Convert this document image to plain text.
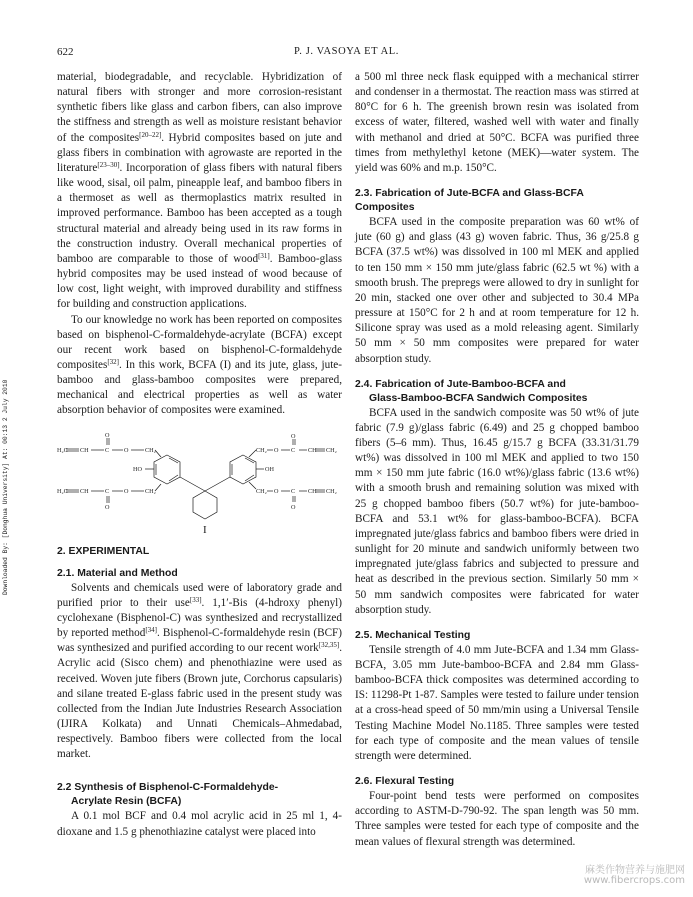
622	P. J. VASOYA ET AL.
Downloaded By: [Donghua University] At: 00:13 2 July 2010

material, biodegradable, and recyclable. Hybridization of natural fibers with stronger and more corrosion-resistant synthetic fibers like glass and carbon fibers, can also improve the stiffness and strength as well as moisture resistant behavior of the composites[20–22]. Hybrid composites based on jute and glass fibers in combination with agrowaste are reported in the literature[23–30]. Incorporation of glass fibers with natural fibers like wood, sisal, oil palm, pineapple leaf, and bamboo fibers in a thermoset as well as thermoplastics matrix resulted in improved performance. Bamboo has been accepted as a tough structural material and already being used in its raw forms in the construction industry. Overall mechanical properties of bamboo are comparable to those of wood[31]. Bamboo-glass hybrid composites may be used instead of wood because of low cost, light weight, with improved durability and stiffness for building and construction applications.

To our knowledge no work has been reported on composites based on bisphenol-C-formaldehyde-acrylate (BCFA) except our recent work based on bisphenol-C-formaldehyde composites[32]. In this work, BCFA (I) and its jute, glass, jute-bamboo and glass-bamboo composites were prepared, mechanical and electrical properties as well as water absorption behavior of composites were examined.

H₂C CH	C
O
O	CH₂
HO
H₂C CH	C
O
O	CH₂
CH₂ O C
O
CH CH₂
OH
CH₂ O C
O
CH CH₂
I
2. EXPERIMENTAL
2.1. Material and Method

Solvents and chemicals used were of laboratory grade and purified prior to their use[33]. 1,1′-Bis (4-hdroxy phenyl) cyclohexane (Bisphenol-C) was synthesized and recrystallized by reported method[34]. Bisphenol-C-formaldehyde resin (BCF) was synthesized and purified according to our recent work[32,35]. Acrylic acid (Sisco chem) and phenothiazine were used as received. Woven jute fibers (Brown jute, Corchorus capsularis) and silane treated E-glass fabric used in the present study was collected from the Indian Jute Industries Research Association (IJIRA Kolkata) and Unnati Chemicals–Ahmedabad, respectively. Bamboo fibers were collected from the local market.

2.2 Synthesis of Bisphenol-C-Formaldehyde-
Acrylate Resin (BCFA)

A 0.1 mol BCF and 0.4 mol acrylic acid in 25 ml 1, 4-dioxane and 1.5 g phenothiazine catalyst were placed into

a 500 ml three neck flask equipped with a mechanical stirrer and condenser in a thermostat. The reaction mass was stirred at 80°C for 6 h. The greenish brown resin was isolated from excess of water, filtered, washed well with water and finally with methanol and dried at 50°C. BCFA was purified three times from methylethyl ketone (MEK)—water system. The yield was 60% and m.p. 150°C.

2.3. Fabrication of Jute-BCFA and Glass-BCFA Composites

BCFA used in the composite preparation was 60 wt% of jute (60 g) and glass (43 g) woven fabric. Thus, 36 g/25.8 g BCFA (37.5 wt%) was dissolved in 100 ml MEK and applied to ten 150 mm × 150 mm jute/glass fabric (62.5 wt %) with a smooth brush. The prepregs were allowed to dry in sunlight for 20 min, stacked one over other and subjected to 30.4 MPa pressure at 150°C for 2 h and at room temperature for 12 h. Silicone spray was used as a mold releasing agent. Similarly 50 mm × 50 mm composites were prepared for water absorption study.

2.4. Fabrication of Jute-Bamboo-BCFA and
Glass-Bamboo-BCFA Sandwich Composites

BCFA used in the sandwich composite was 50 wt% of jute fabric (7.9 g)/glass fabric (6.49) and 25 g chopped bamboo fibers (5–6 mm). Thus, 16.45 g/15.7 g BCFA (33.31/31.79 wt%) was dissolved in 100 ml MEK and applied to two 150 mm × 150 mm jute fabric (16.0 wt%)/glass fabric (13.6 wt%) with a smooth brush and remaining solution was mixed with 25 g chopped bamboo fibers (50.7 wt%) for jute-bamboo-BCFA and 53.1 wt% for glass-bamboo-BCFA). BCFA impregnated jute/glass fabrics and bamboo fibers were dried in sunlight for 20 minute and sandwich uniformly between two impregnated jute/glass fabrics and subjected to pressure and heat as described in the previous section. Similarly 50 mm × 50 mm sandwich composites were fabricated for water absorption study.

2.5. Mechanical Testing

Tensile strength of 4.0 mm Jute-BCFA and 1.34 mm Glass-BCFA, 3.05 mm Jute-bamboo-BCFA and 2.84 mm Glass-bamboo-BCFA thick composites was determined according to IS: 11298-Pt 1-87. Samples were tested to failure under tension at a cross-head speed of 50 mm/min using a Universal Tensile Testing Machine Model No.1185. Three samples were tested for each type of composite and the mean values of tensile strength were determined.

2.6. Flexural Testing

Four-point bend tests were performed on composites according to ASTM-D-790-92. The span length was 50 mm. Three samples were tested for each type of composite and the mean values of flexural strength was determined.

麻类作物营养与施肥网
www.fibercrops.com
